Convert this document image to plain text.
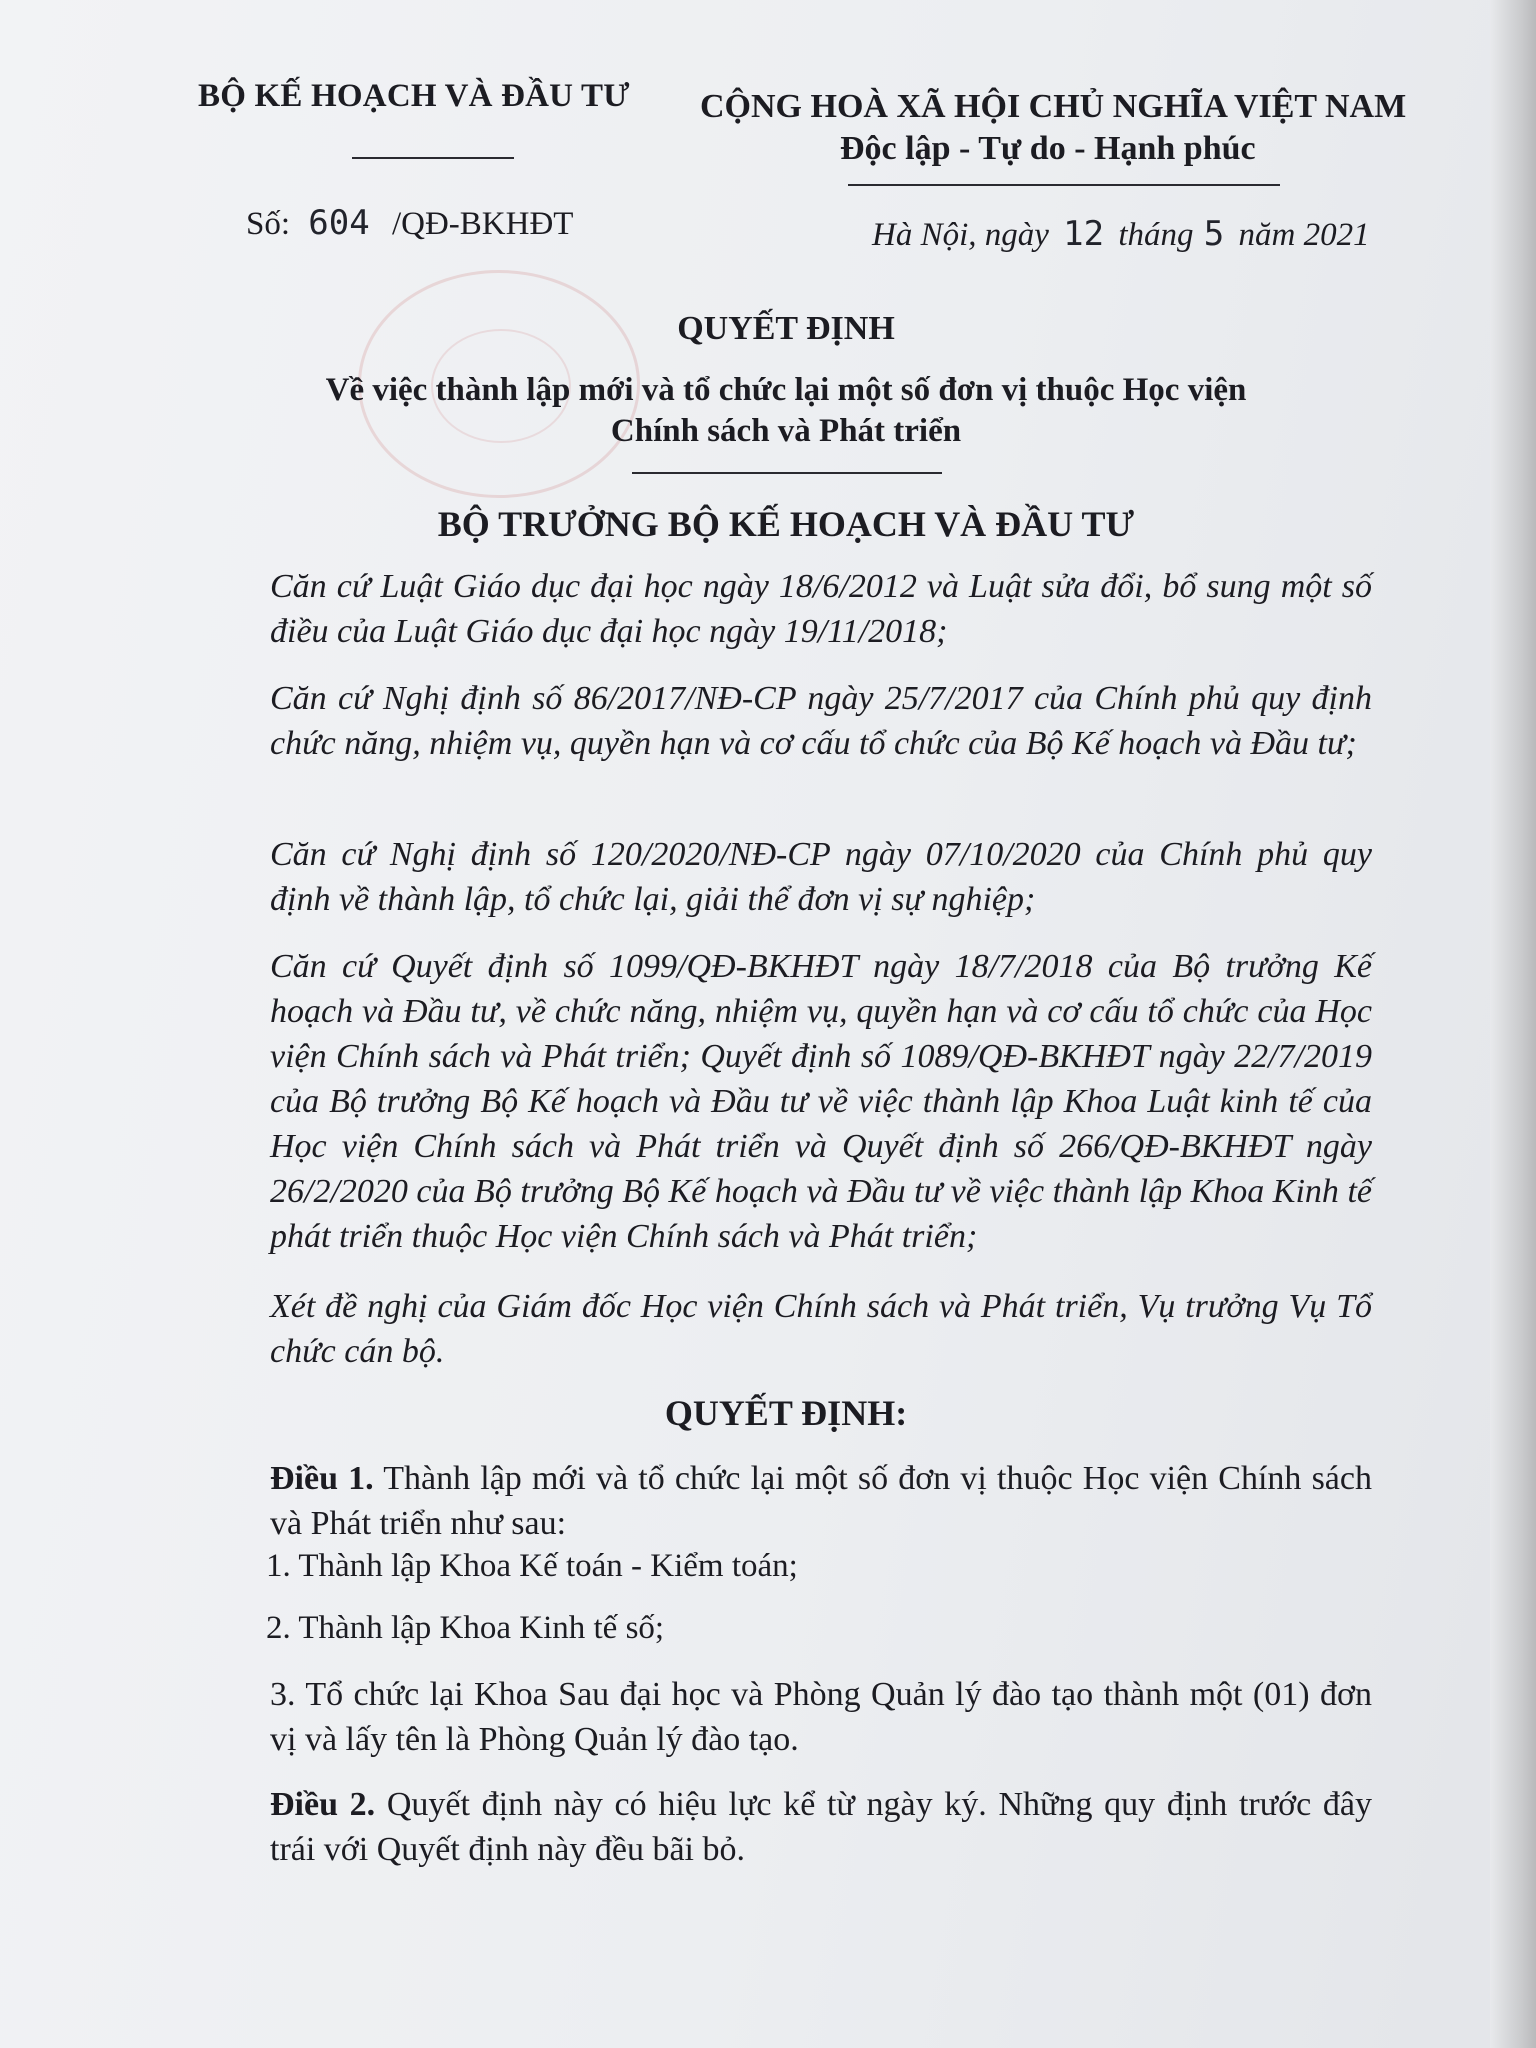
BỘ KẾ HOẠCH VÀ ĐẦU TƯ CỘNG HOÀ XÃ HỘI CHỦ NGHĨA VIỆT NAM
Độc lập - Tự do - Hạnh phúc
Số: 604 /QĐ-BKHĐT	Hà Nội, ngày 12 tháng 5 năm 2021
QUYẾT ĐỊNH
Về việc thành lập mới và tổ chức lại một số đơn vị thuộc Học viện
Chính sách và Phát triển
BỘ TRƯỞNG BỘ KẾ HOẠCH VÀ ĐẦU TƯ
Căn cứ Luật Giáo dục đại học ngày 18/6/2012 và Luật sửa đổi, bổ sung một số điều của Luật Giáo dục đại học ngày 19/11/2018;
Căn cứ Nghị định số 86/2017/NĐ-CP ngày 25/7/2017 của Chính phủ quy định chức năng, nhiệm vụ, quyền hạn và cơ cấu tổ chức của Bộ Kế hoạch và Đầu tư;
Căn cứ Nghị định số 120/2020/NĐ-CP ngày 07/10/2020 của Chính phủ quy định về thành lập, tổ chức lại, giải thể đơn vị sự nghiệp;
Căn cứ Quyết định số 1099/QĐ-BKHĐT ngày 18/7/2018 của Bộ trưởng Kế hoạch và Đầu tư, về chức năng, nhiệm vụ, quyền hạn và cơ cấu tổ chức của Học viện Chính sách và Phát triển; Quyết định số 1089/QĐ-BKHĐT ngày 22/7/2019 của Bộ trưởng Bộ Kế hoạch và Đầu tư về việc thành lập Khoa Luật kinh tế của Học viện Chính sách và Phát triển và Quyết định số 266/QĐ-BKHĐT ngày 26/2/2020 của Bộ trưởng Bộ Kế hoạch và Đầu tư về việc thành lập Khoa Kinh tế phát triển thuộc Học viện Chính sách và Phát triển;
Xét đề nghị của Giám đốc Học viện Chính sách và Phát triển, Vụ trưởng Vụ Tổ chức cán bộ.
QUYẾT ĐỊNH:
Điều 1. Thành lập mới và tổ chức lại một số đơn vị thuộc Học viện Chính sách và Phát triển như sau:
1. Thành lập Khoa Kế toán - Kiểm toán;
2. Thành lập Khoa Kinh tế số;
3. Tổ chức lại Khoa Sau đại học và Phòng Quản lý đào tạo thành một (01) đơn vị và lấy tên là Phòng Quản lý đào tạo.
Điều 2. Quyết định này có hiệu lực kể từ ngày ký. Những quy định trước đây trái với Quyết định này đều bãi bỏ.
